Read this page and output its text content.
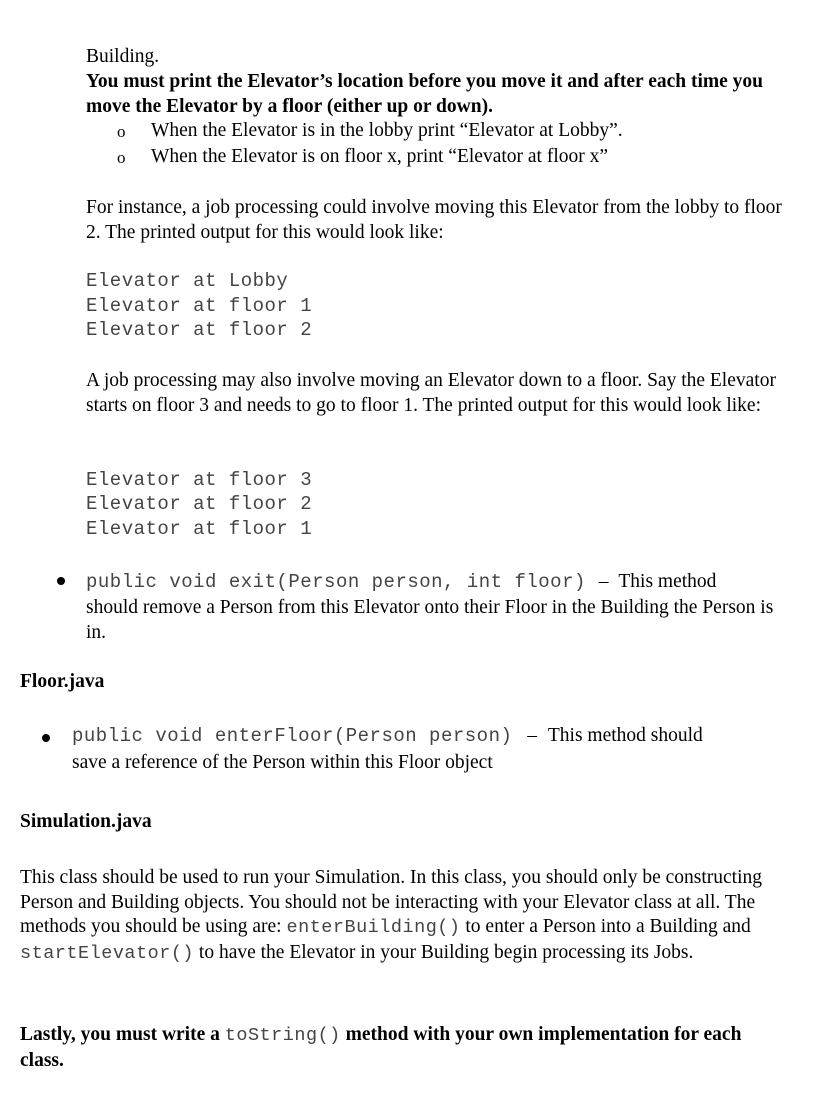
Building.
You must print the Elevator’s location before you move it and after each time you move the Elevator by a floor (either up or down).
o When the Elevator is in the lobby print “Elevator at Lobby”.
o When the Elevator is on floor x, print “Elevator at floor x”
For instance, a job processing could involve moving this Elevator from the lobby to floor 2. The printed output for this would look like:
Elevator at Lobby
Elevator at floor 1
Elevator at floor 2
A job processing may also involve moving an Elevator down to a floor. Say the Elevator starts on floor 3 and needs to go to floor 1. The printed output for this would look like:
Elevator at floor 3
Elevator at floor 2
Elevator at floor 1
public void exit(Person person, int floor) – This method
should remove a Person from this Elevator onto their Floor in the Building the Person is in.
Floor.java
public void enterFloor(Person person) – This method should
save a reference of the Person within this Floor object
Simulation.java
This class should be used to run your Simulation. In this class, you should only be constructing Person and Building objects. You should not be interacting with your Elevator class at all. The methods you should be using are: enterBuilding() to enter a Person into a Building and startElevator() to have the Elevator in your Building begin processing its Jobs.
Lastly, you must write a toString() method with your own implementation for each class.
